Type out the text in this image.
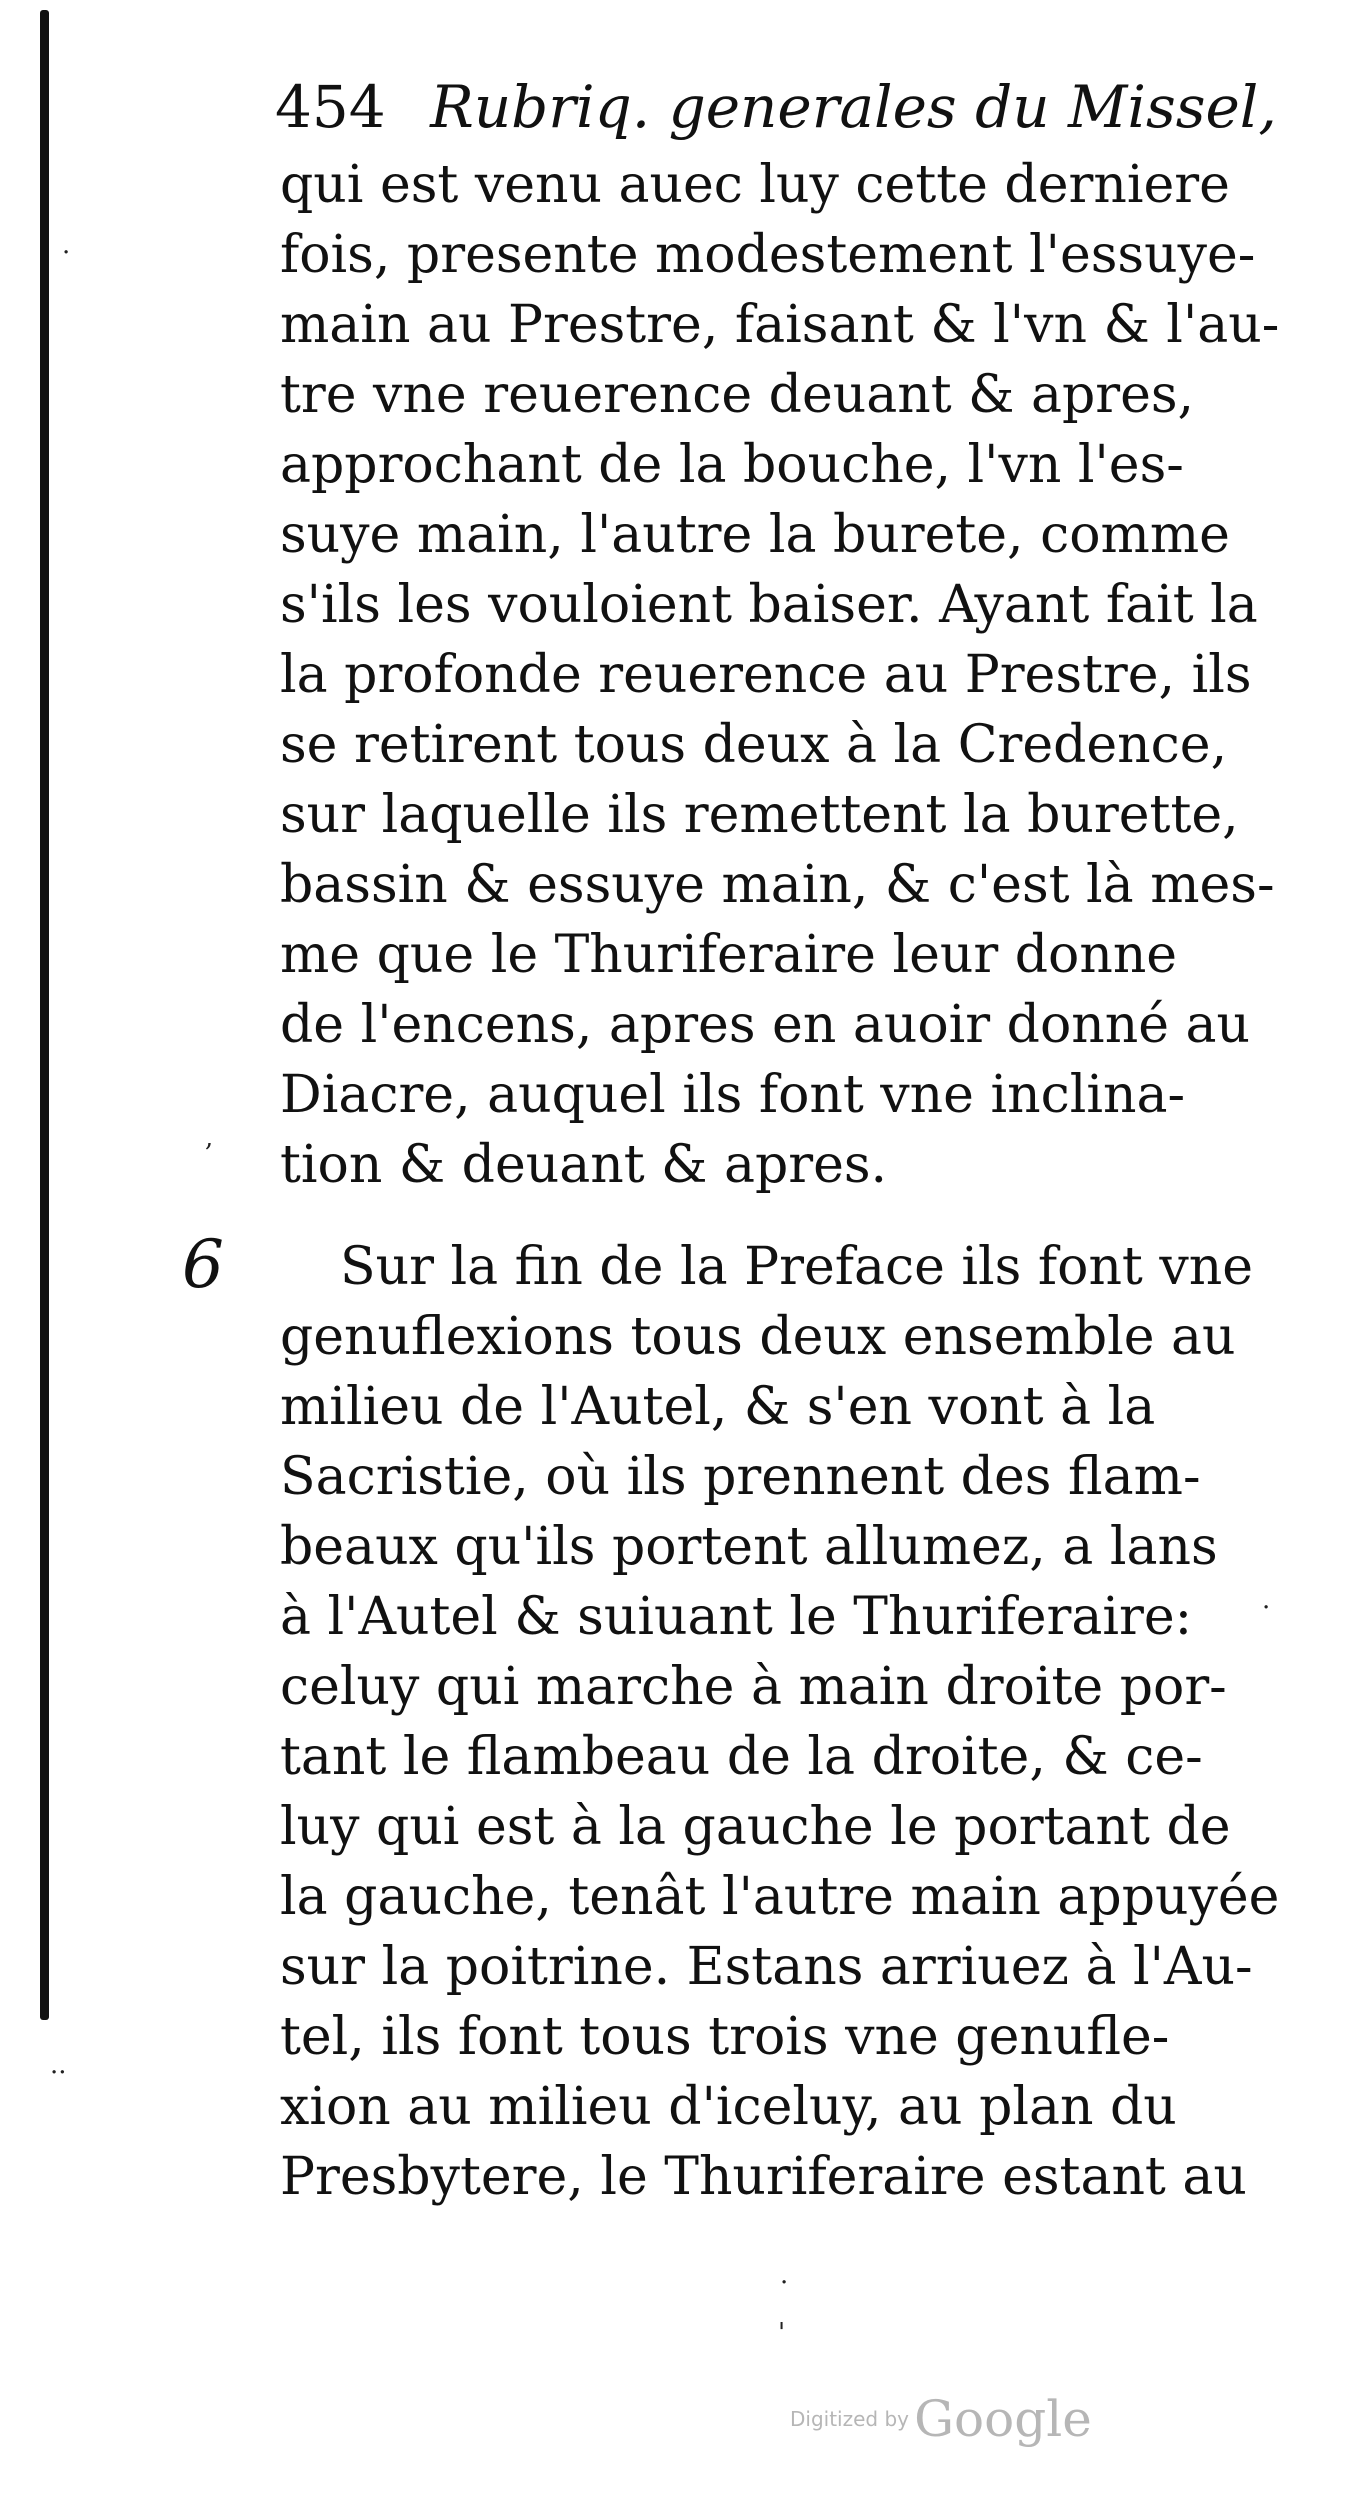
454 Rubriq. generales du Missel,
qui est venu auec luy cette derniere
fois, presente modestement l'essuye-
main au Prestre, faisant & l'vn & l'au-
tre vne reuerence deuant & apres,
approchant de la bouche, l'vn l'es-
suye main, l'autre la burete, comme
s'ils les vouloient baiser. Ayant fait la
la profonde reuerence au Prestre, ils
se retirent tous deux à la Credence,
sur laquelle ils remettent la burette,
bassin & essuye main, & c'est là mes-
me que le Thuriferaire leur donne
de l'encens, apres en auoir donné au
Diacre, auquel ils font vne inclina-
tion & deuant & apres.
6 Sur la fin de la Preface ils font vne
genuflexions tous deux ensemble au
milieu de l'Autel, & s'en vont à la
Sacristie, où ils prennent des flam-
beaux qu'ils portent allumez, a lans
à l'Autel & suiuant le Thuriferaire:
celuy qui marche à main droite por-
tant le flambeau de la droite, & ce-
luy qui est à la gauche le portant de
la gauche, tenât l'autre main appuyée
sur la poitrine. Estans arriuez à l'Au-
tel, ils font tous trois vne genufle-
xion au milieu d'iceluy, au plan du
Presbytere, le Thuriferaire estant au
·
,
··
·
·
'
Digitized by Google
